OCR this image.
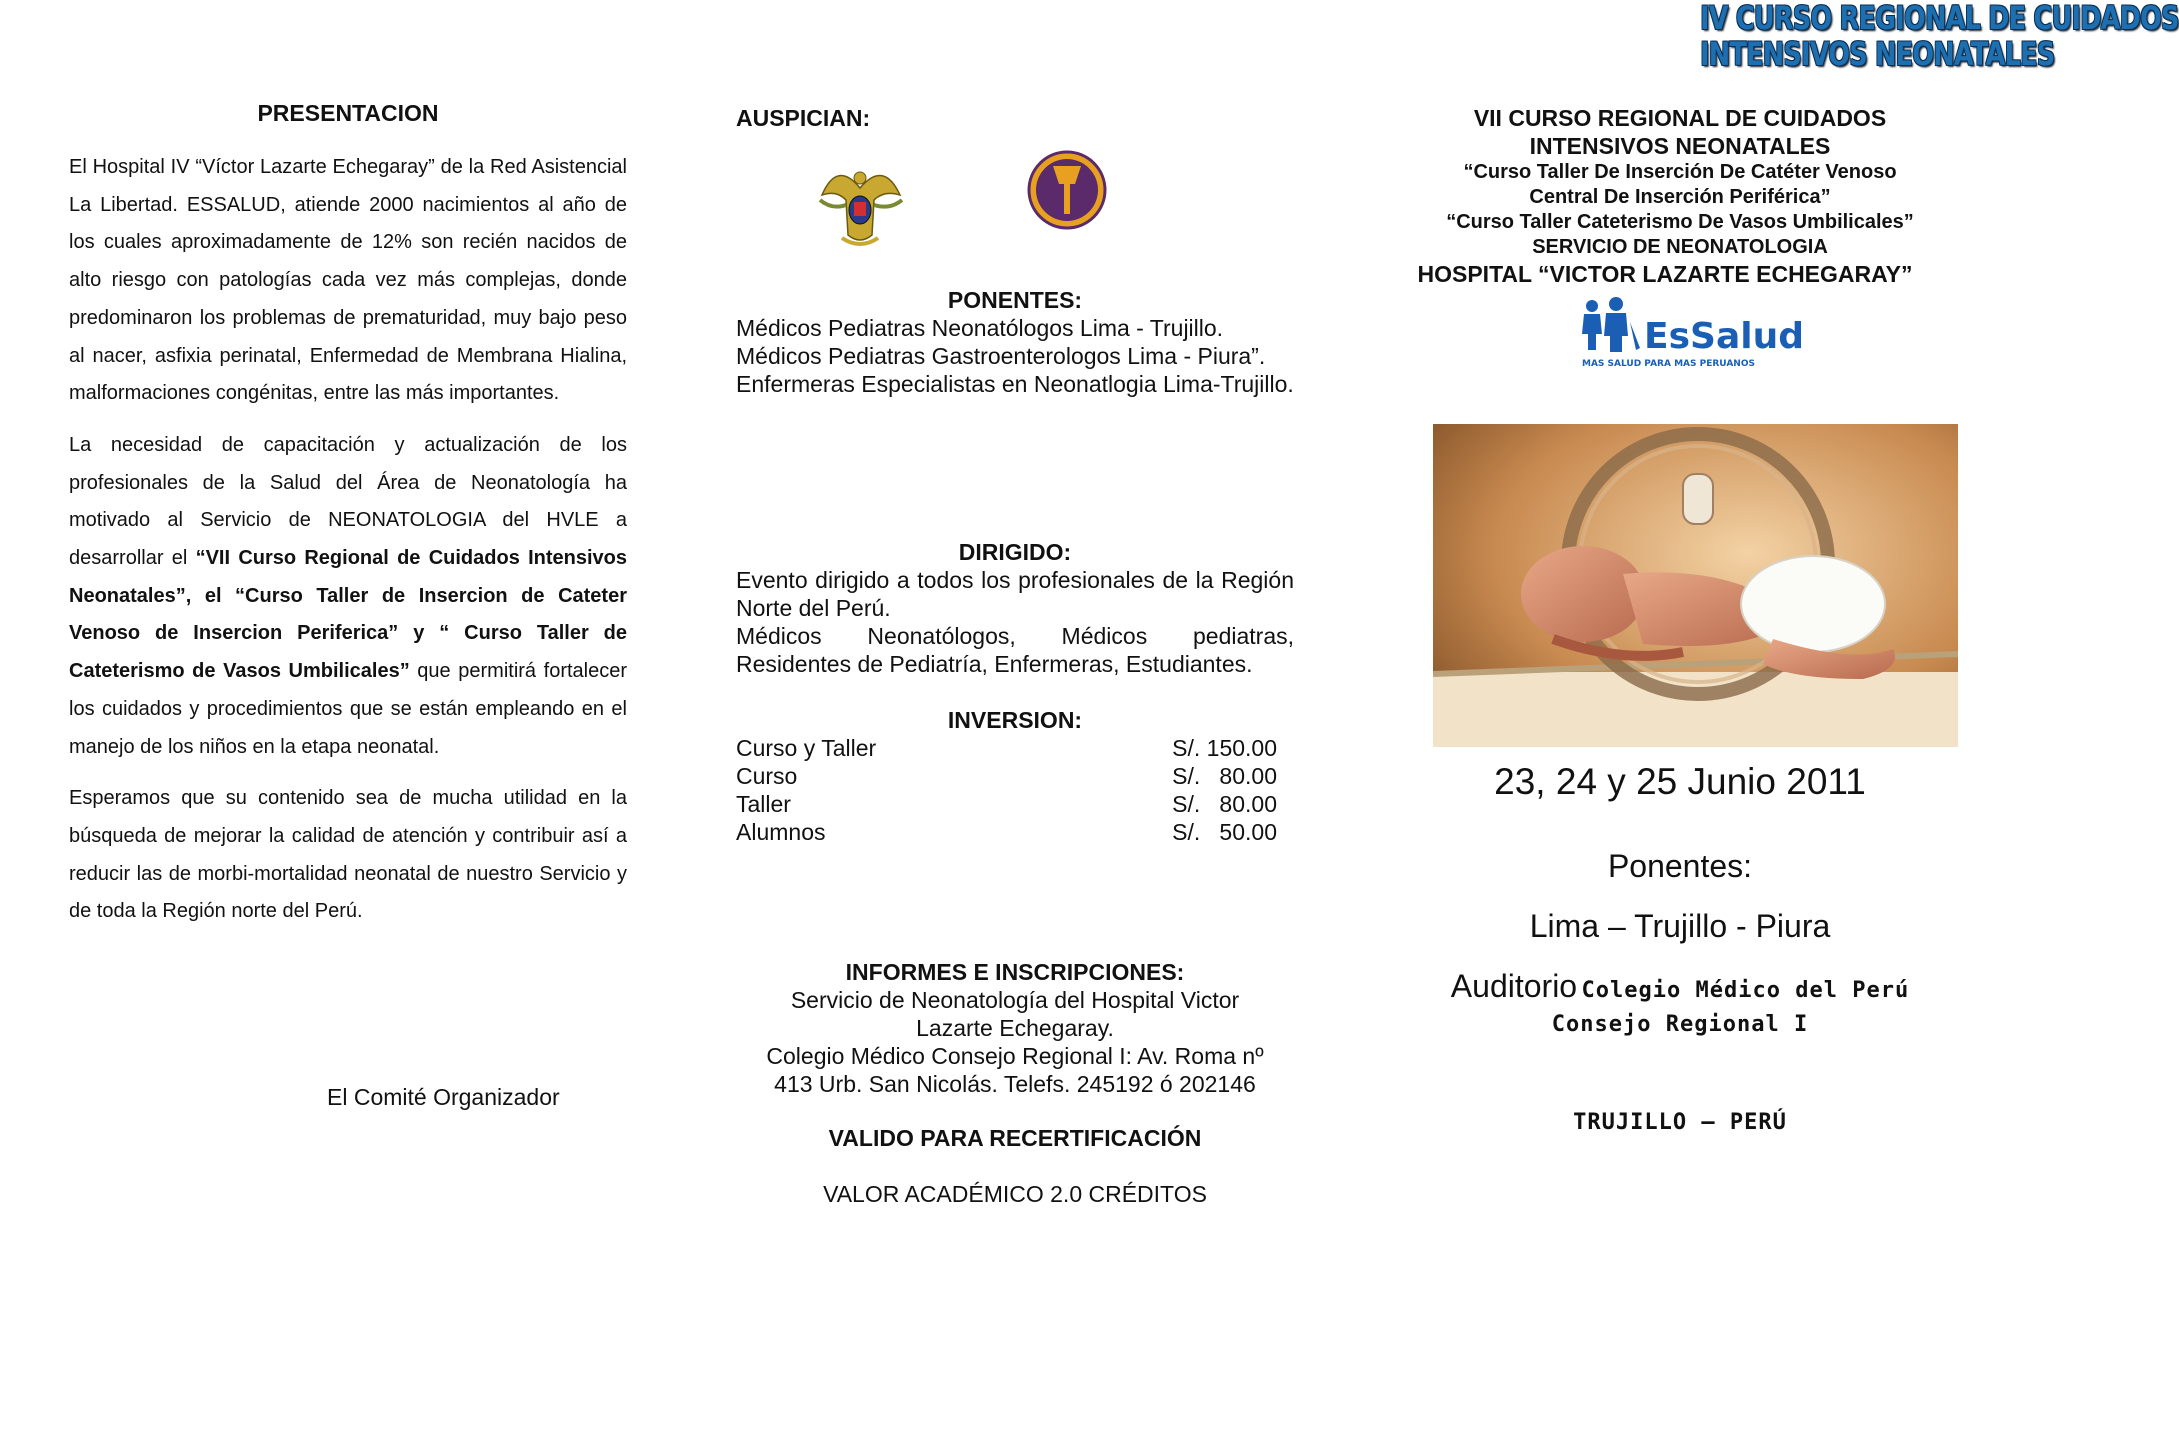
IV CURSO REGIONAL DE CUIDADOS
INTENSIVOS NEONATALES
PRESENTACION

El Hospital IV “Víctor Lazarte Echegaray” de la Red Asistencial La Libertad. ESSALUD, atiende 2000 nacimientos al año de los cuales aproximadamente de 12% son recién nacidos de alto riesgo con patologías cada vez más complejas, donde predominaron los problemas de prematuridad, muy bajo peso al nacer, asfixia perinatal, Enfermedad de Membrana Hialina, malformaciones congénitas, entre las más importantes.

La necesidad de capacitación y actualización de los profesionales de la Salud del Área de Neonatología ha motivado al Servicio de NEONATOLOGIA del HVLE a desarrollar el “VII Curso Regional de Cuidados Intensivos Neonatales”, el “Curso Taller de Insercion de Cateter Venoso de Insercion Periferica” y “ Curso Taller de Cateterismo de Vasos Umbilicales” que permitirá fortalecer los cuidados y procedimientos que se están empleando en el manejo de los niños en la etapa neonatal.

Esperamos que su contenido sea de mucha utilidad en la búsqueda de mejorar la calidad de atención y contribuir así a reducir las de morbi-mortalidad neonatal de nuestro Servicio y de toda la Región norte del Perú.

El Comité Organizador
AUSPICIAN:
PONENTES:
Médicos Pediatras Neonatólogos Lima - Trujillo.
Médicos Pediatras Gastroenterologos Lima - Piura”.
Enfermeras Especialistas en Neonatlogia Lima-Trujillo.
DIRIGIDO:
Evento dirigido a todos los profesionales de la Región Norte del Perú.
Médicos Neonatólogos, Médicos pediatras, Residentes de Pediatría, Enfermeras, Estudiantes.
INVERSION:
Curso y Taller	S/. 150.00
Curso	S/.   80.00
Taller	S/.   80.00
Alumnos	S/.   50.00
INFORMES E INSCRIPCIONES:
Servicio de Neonatología del Hospital Victor
Lazarte Echegaray.
Colegio Médico Consejo Regional I: Av. Roma nº
413 Urb. San Nicolás. Telefs. 245192 ó 202146
VALIDO PARA RECERTIFICACIÓN
VALOR ACADÉMICO 2.0 CRÉDITOS
VII CURSO REGIONAL DE CUIDADOS
INTENSIVOS NEONATALES
“Curso Taller De Inserción De Catéter Venoso
Central De Inserción Periférica”
“Curso Taller Cateterismo De Vasos Umbilicales”
SERVICIO DE NEONATOLOGIA
HOSPITAL “VICTOR LAZARTE ECHEGARAY”
EsSalud
MAS SALUD PARA MAS PERUANOS
23, 24 y 25 Junio 2011
Ponentes:
Lima – Trujillo - Piura
Auditorio Colegio Médico del Perú
Consejo Regional I
TRUJILLO – PERÚ
